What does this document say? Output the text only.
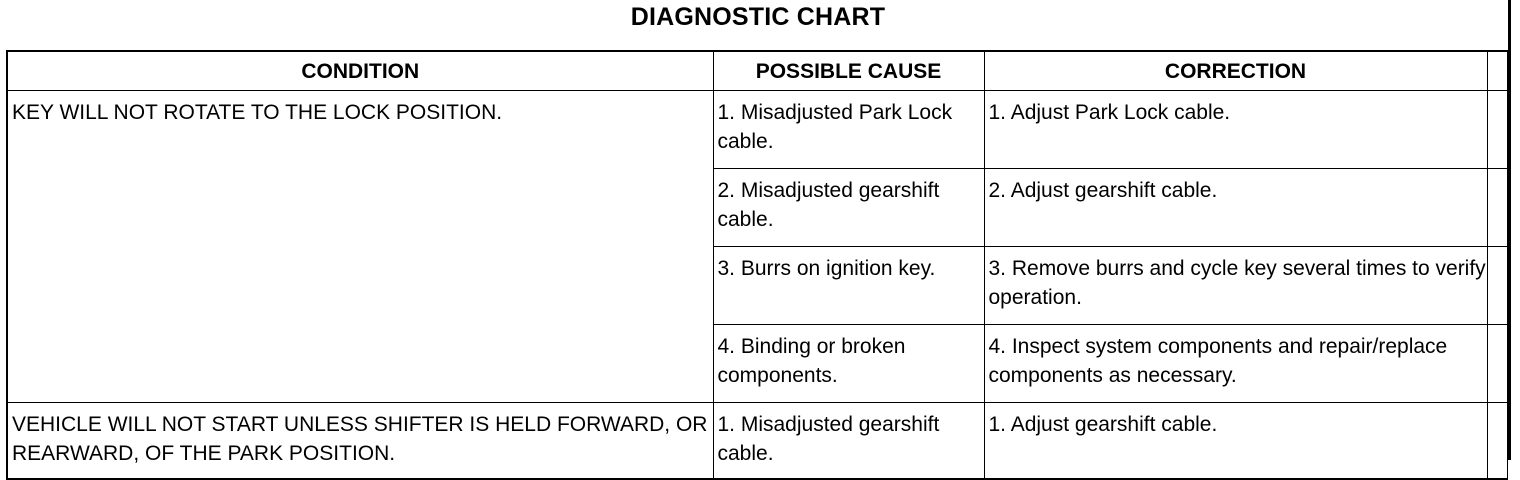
DIAGNOSTIC CHART
CONDITION	POSSIBLE CAUSE	CORRECTION	
KEY WILL NOT ROTATE TO THE LOCK POSITION.	1. Misadjusted Park Lock cable.	1. Adjust Park Lock cable.	
	2. Misadjusted gearshift cable.	2. Adjust gearshift cable.	
	3. Burrs on ignition key.	3. Remove burrs and cycle key several times to verify operation.	
	4. Binding or broken components.	4. Inspect system components and repair/replace components as necessary.	
VEHICLE WILL NOT START UNLESS SHIFTER IS HELD FORWARD, OR REARWARD, OF THE PARK POSITION.	1. Misadjusted gearshift cable.	1. Adjust gearshift cable.	
